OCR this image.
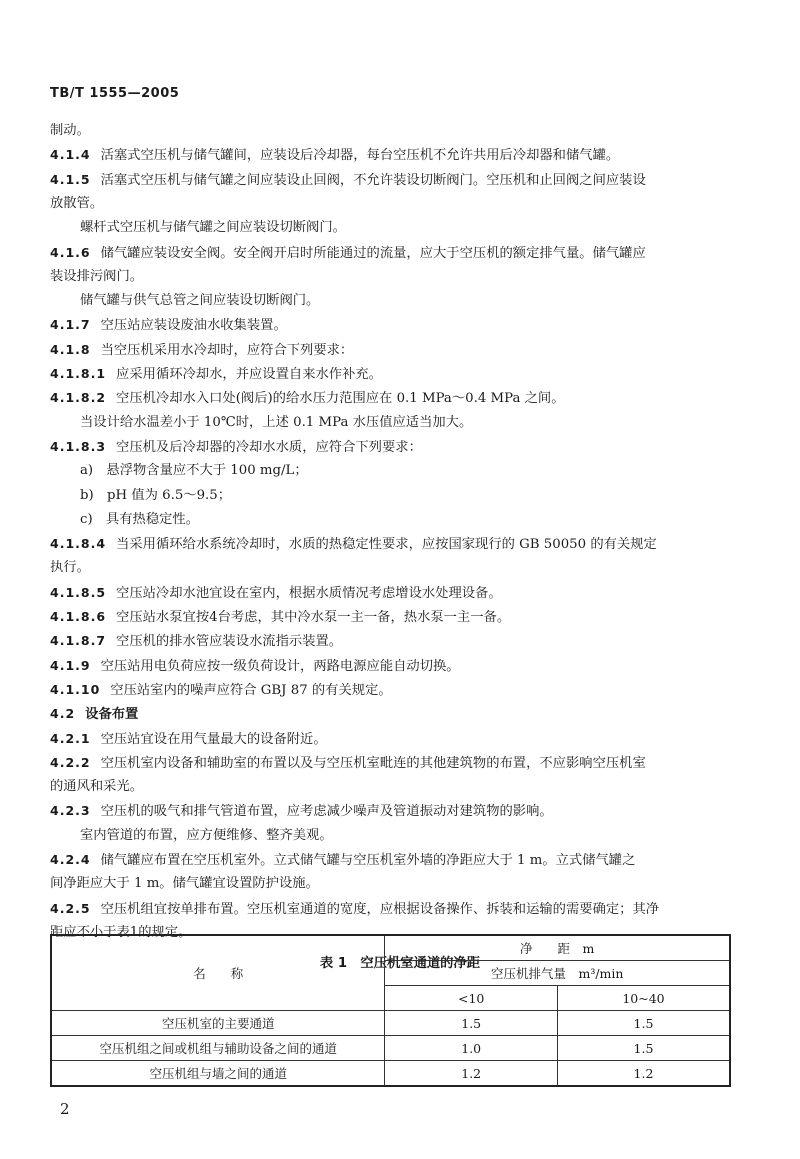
TB/T 1555—2005
制动。
4.1.4 活塞式空压机与储气罐间，应装设后冷却器，每台空压机不允许共用后冷却器和储气罐。
4.1.5 活塞式空压机与储气罐之间应装设止回阀，不允许装设切断阀门。空压机和止回阀之间应装设
放散管。
螺杆式空压机与储气罐之间应装设切断阀门。
4.1.6 储气罐应装设安全阀。安全阀开启时所能通过的流量，应大于空压机的额定排气量。储气罐应
装设排污阀门。
储气罐与供气总管之间应装设切断阀门。
4.1.7 空压站应装设废油水收集装置。
4.1.8 当空压机采用水冷却时，应符合下列要求：
4.1.8.1 应采用循环冷却水，并应设置自来水作补充。
4.1.8.2 空压机冷却水入口处(阀后)的给水压力范围应在 0.1 MPa～0.4 MPa 之间。
当设计给水温差小于 10℃时，上述 0.1 MPa 水压值应适当加大。
4.1.8.3 空压机及后冷却器的冷却水水质，应符合下列要求：
a)　悬浮物含量应不大于 100 mg/L；
b)　pH 值为 6.5～9.5；
c)　具有热稳定性。
4.1.8.4 当采用循环给水系统冷却时，水质的热稳定性要求，应按国家现行的 GB 50050 的有关规定
执行。
4.1.8.5 空压站冷却水池宜设在室内，根据水质情况考虑增设水处理设备。
4.1.8.6 空压站水泵宜按4台考虑，其中冷水泵一主一备，热水泵一主一备。
4.1.8.7 空压机的排水管应装设水流指示装置。
4.1.9 空压站用电负荷应按一级负荷设计，两路电源应能自动切换。
4.1.10 空压站室内的噪声应符合 GBJ 87 的有关规定。
4.2 设备布置
4.2.1 空压站宜设在用气量最大的设备附近。
4.2.2 空压机室内设备和辅助室的布置以及与空压机室毗连的其他建筑物的布置，不应影响空压机室
的通风和采光。
4.2.3 空压机的吸气和排气管道布置，应考虑减少噪声及管道振动对建筑物的影响。
室内管道的布置，应方便维修、整齐美观。
4.2.4 储气罐应布置在空压机室外。立式储气罐与空压机室外墙的净距应大于 1 m。立式储气罐之
间净距应大于 1 m。储气罐宜设置防护设施。
4.2.5 空压机组宜按单排布置。空压机室通道的宽度，应根据设备操作、拆装和运输的需要确定；其净
距应不小于表1的规定。
表 1　空压机室通道的净距
名　　称	净　　距　m	
	空压机排气量　m³/min	
	<10	10~40
空压机室的主要通道	1.5	1.5
空压机组之间或机组与辅助设备之间的通道	1.0	1.5
空压机组与墙之间的通道	1.2	1.2
2
